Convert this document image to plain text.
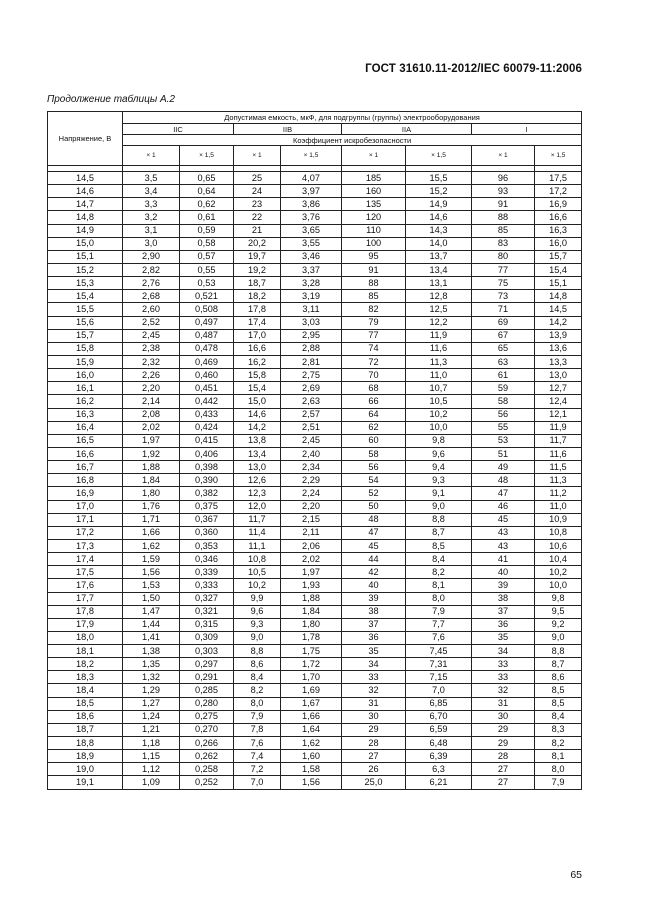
ГОСТ 31610.11-2012/IEC 60079-11:2006
Продолжение таблицы А.2
Напряжение, В	Допустимая емкость, мкФ, для подгруппы (группы) электрооборудования							
	IIC		IIB		IIA		I	
	Коэффициент искробезопасности							
	× 1	× 1,5	× 1	× 1,5	× 1	× 1,5	× 1	× 1,5

14,5	3,5	0,65	25	4,07	185	15,5	96	17,5
14,6	3,4	0,64	24	3,97	160	15,2	93	17,2
14,7	3,3	0,62	23	3,86	135	14,9	91	16,9
14,8	3,2	0,61	22	3,76	120	14,6	88	16,6
14,9	3,1	0,59	21	3,65	110	14,3	85	16,3
15,0	3,0	0,58	20,2	3,55	100	14,0	83	16,0
15,1	2,90	0,57	19,7	3,46	95	13,7	80	15,7
15,2	2,82	0,55	19,2	3,37	91	13,4	77	15,4
15,3	2,76	0,53	18,7	3,28	88	13,1	75	15,1
15,4	2,68	0,521	18,2	3,19	85	12,8	73	14,8
15,5	2,60	0,508	17,8	3,11	82	12,5	71	14,5
15,6	2,52	0,497	17,4	3,03	79	12,2	69	14,2
15,7	2,45	0,487	17,0	2,95	77	11,9	67	13,9
15,8	2,38	0,478	16,6	2,88	74	11,6	65	13,6
15,9	2,32	0,469	16,2	2,81	72	11,3	63	13,3
16,0	2,26	0,460	15,8	2,75	70	11,0	61	13,0
16,1	2,20	0,451	15,4	2,69	68	10,7	59	12,7
16,2	2,14	0,442	15,0	2,63	66	10,5	58	12,4
16,3	2,08	0,433	14,6	2,57	64	10,2	56	12,1
16,4	2,02	0,424	14,2	2,51	62	10,0	55	11,9
16,5	1,97	0,415	13,8	2,45	60	9,8	53	11,7
16,6	1,92	0,406	13,4	2,40	58	9,6	51	11,6
16,7	1,88	0,398	13,0	2,34	56	9,4	49	11,5
16,8	1,84	0,390	12,6	2,29	54	9,3	48	11,3
16,9	1,80	0,382	12,3	2,24	52	9,1	47	11,2
17,0	1,76	0,375	12,0	2,20	50	9,0	46	11,0
17,1	1,71	0,367	11,7	2,15	48	8,8	45	10,9
17,2	1,66	0,360	11,4	2,11	47	8,7	43	10,8
17,3	1,62	0,353	11,1	2,06	45	8,5	43	10,6
17,4	1,59	0,346	10,8	2,02	44	8,4	41	10,4
17,5	1,56	0,339	10,5	1,97	42	8,2	40	10,2
17,6	1,53	0,333	10,2	1,93	40	8,1	39	10,0
17,7	1,50	0,327	9,9	1,88	39	8,0	38	9,8
17,8	1,47	0,321	9,6	1,84	38	7,9	37	9,5
17,9	1,44	0,315	9,3	1,80	37	7,7	36	9,2
18,0	1,41	0,309	9,0	1,78	36	7,6	35	9,0
18,1	1,38	0,303	8,8	1,75	35	7,45	34	8,8
18,2	1,35	0,297	8,6	1,72	34	7,31	33	8,7
18,3	1,32	0,291	8,4	1,70	33	7,15	33	8,6
18,4	1,29	0,285	8,2	1,69	32	7,0	32	8,5
18,5	1,27	0,280	8,0	1,67	31	6,85	31	8,5
18,6	1,24	0,275	7,9	1,66	30	6,70	30	8,4
18,7	1,21	0,270	7,8	1,64	29	6,59	29	8,3
18,8	1,18	0,266	7,6	1,62	28	6,48	29	8,2
18,9	1,15	0,262	7,4	1,60	27	6,39	28	8,1
19,0	1,12	0,258	7,2	1,58	26	6,3	27	8,0
19,1	1,09	0,252	7,0	1,56	25,0	6,21	27	7,9
65
